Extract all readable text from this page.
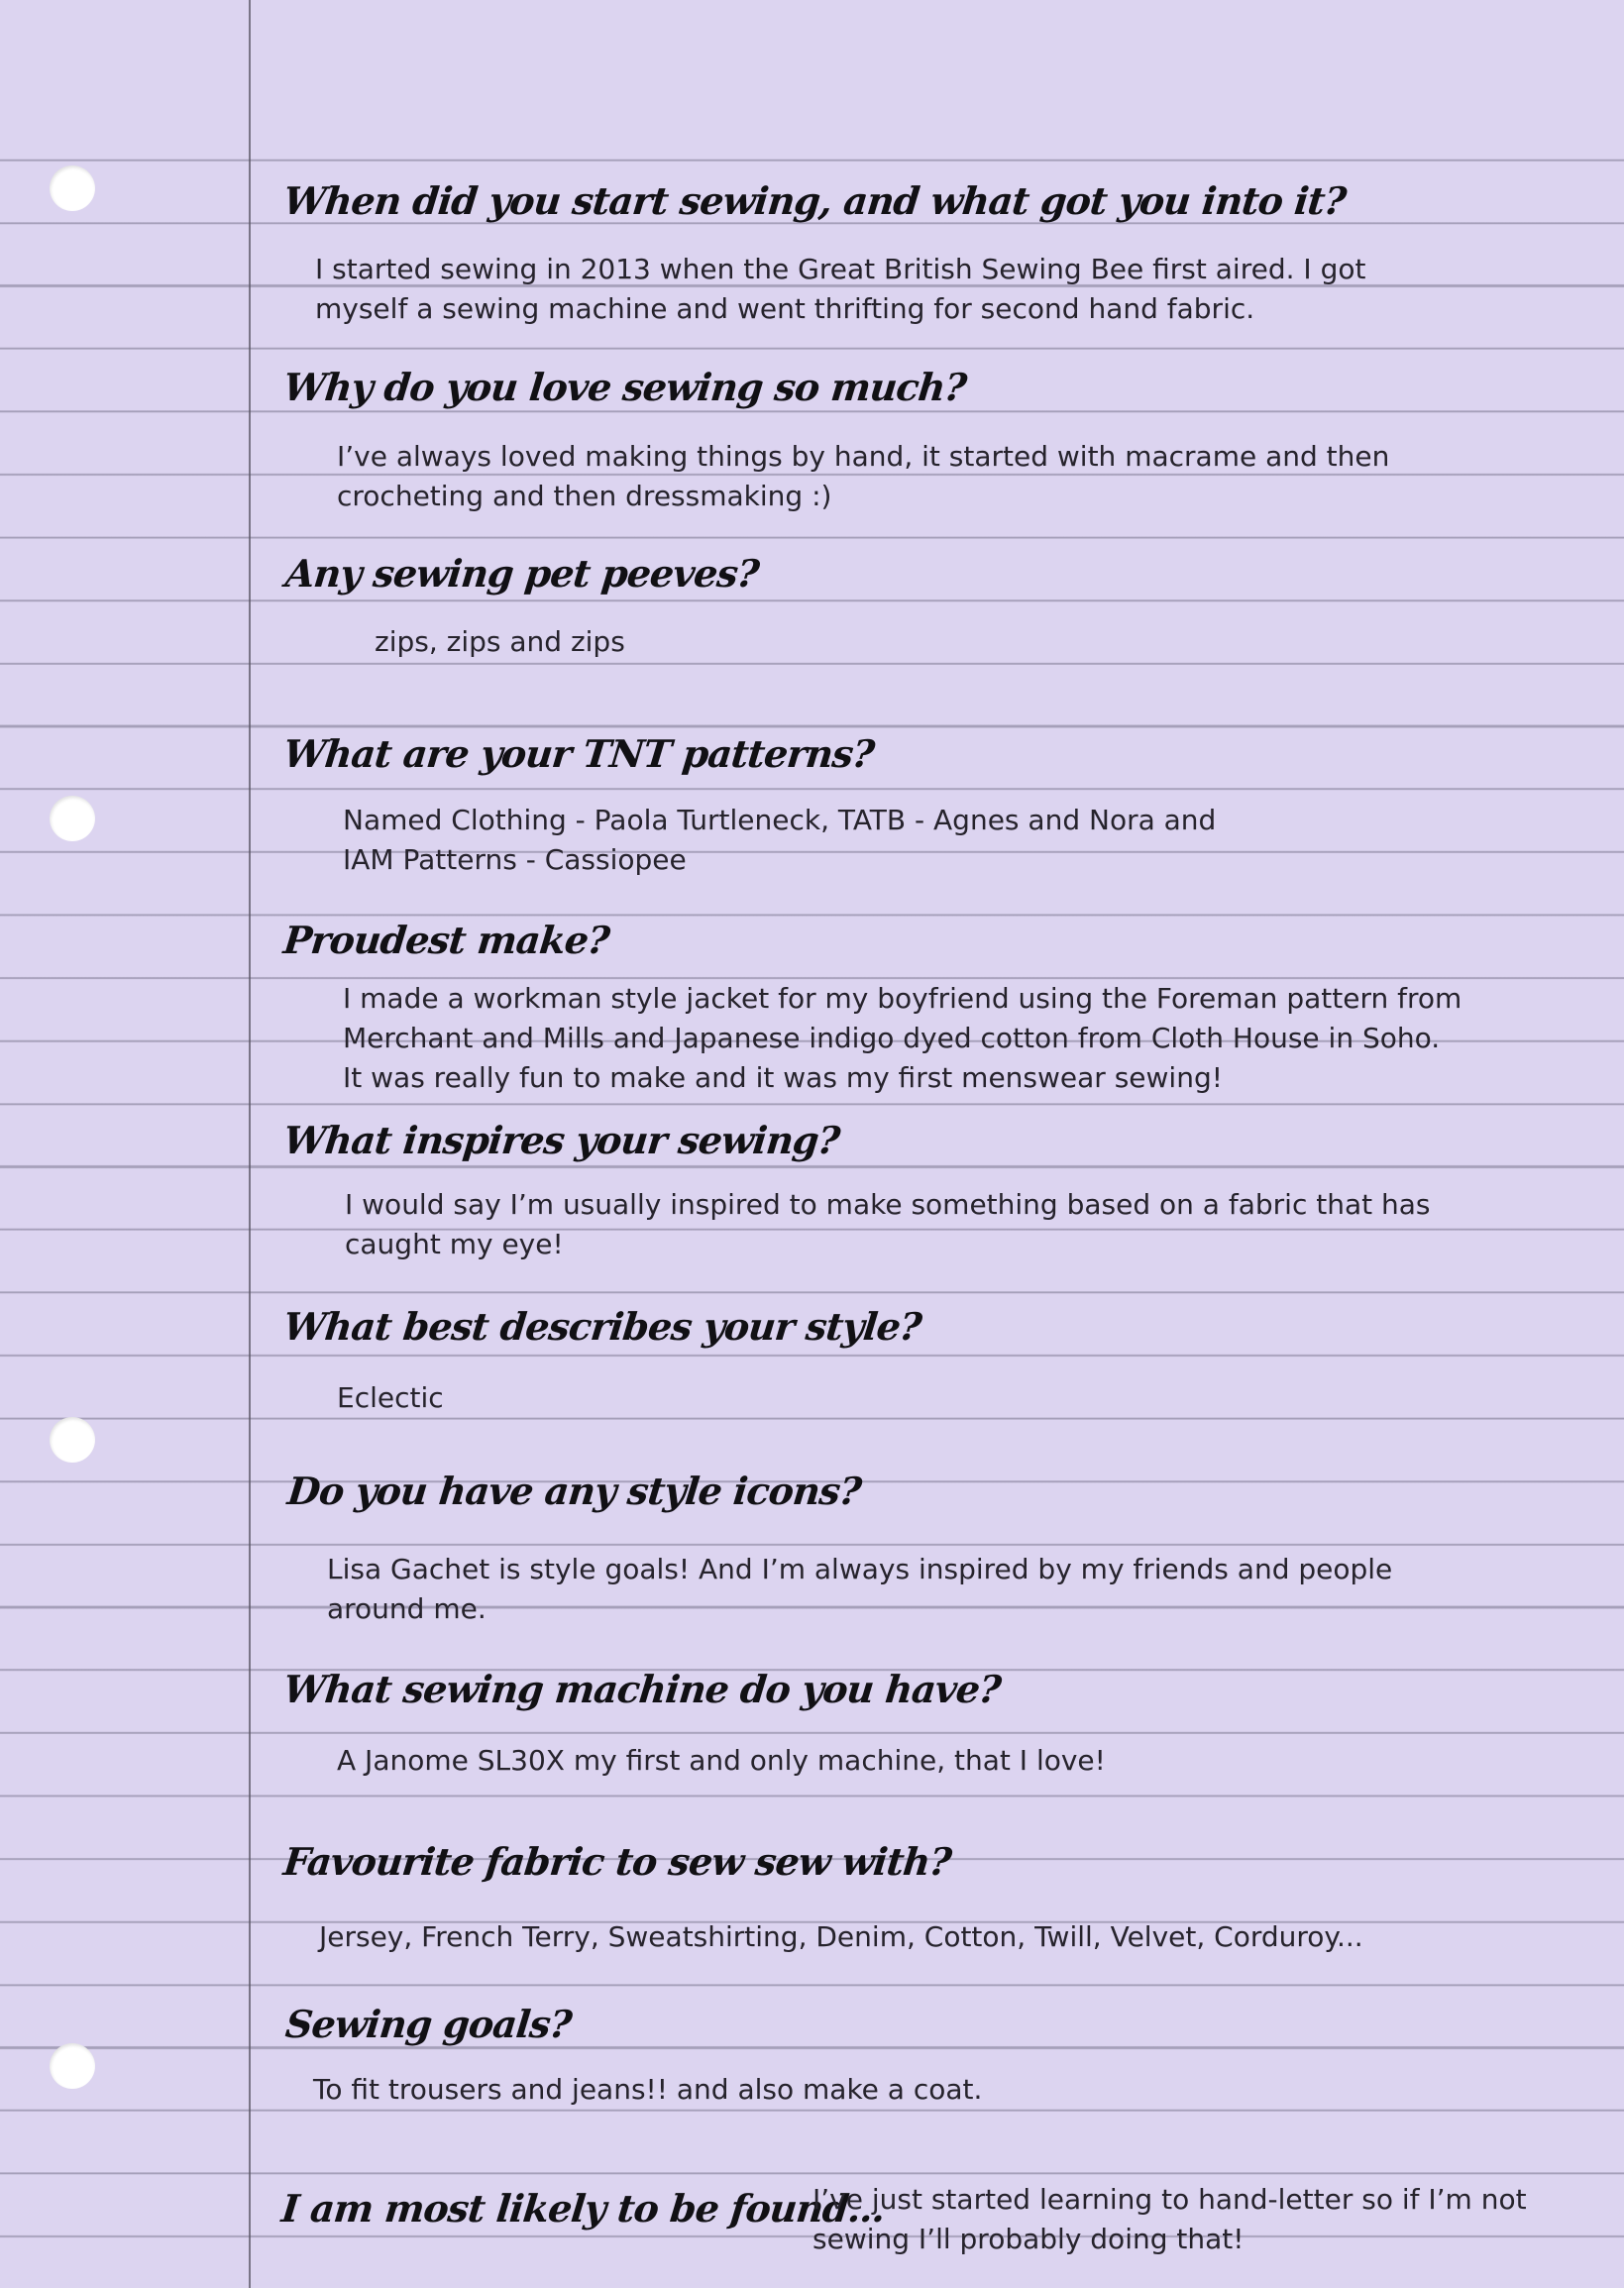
When did you start sewing, and what got you into it?
I started sewing in 2013 when the Great British Sewing Bee first aired. I got
myself a sewing machine and went thrifting for second hand fabric.
Why do you love sewing so much?
I’ve always loved making things by hand, it started with macrame and then
crocheting and then dressmaking :)
Any sewing pet peeves?
zips, zips and zips
What are your TNT patterns?
Named Clothing - Paola Turtleneck, TATB - Agnes and Nora and
IAM Patterns - Cassiopee
Proudest make?
I made a workman style jacket for my boyfriend using the Foreman pattern from
Merchant and Mills and Japanese indigo dyed cotton from Cloth House in Soho.
It was really fun to make and it was my first menswear sewing!
What inspires your sewing?
I would say I’m usually inspired to make something based on a fabric that has
caught my eye!
What best describes your style?
Eclectic
Do you have any style icons?
Lisa Gachet is style goals! And I’m always inspired by my friends and people
around me.
What sewing machine do you have?
A Janome SL30X my first and only machine, that I love!
Favourite fabric to sew sew with?
Jersey, French Terry, Sweatshirting, Denim, Cotton, Twill, Velvet, Corduroy...
Sewing goals?
To fit trousers and jeans!! and also make a coat.
I am most likely to be found...
I’ve just started learning to hand-letter so if I’m not
sewing I’ll probably doing that!
